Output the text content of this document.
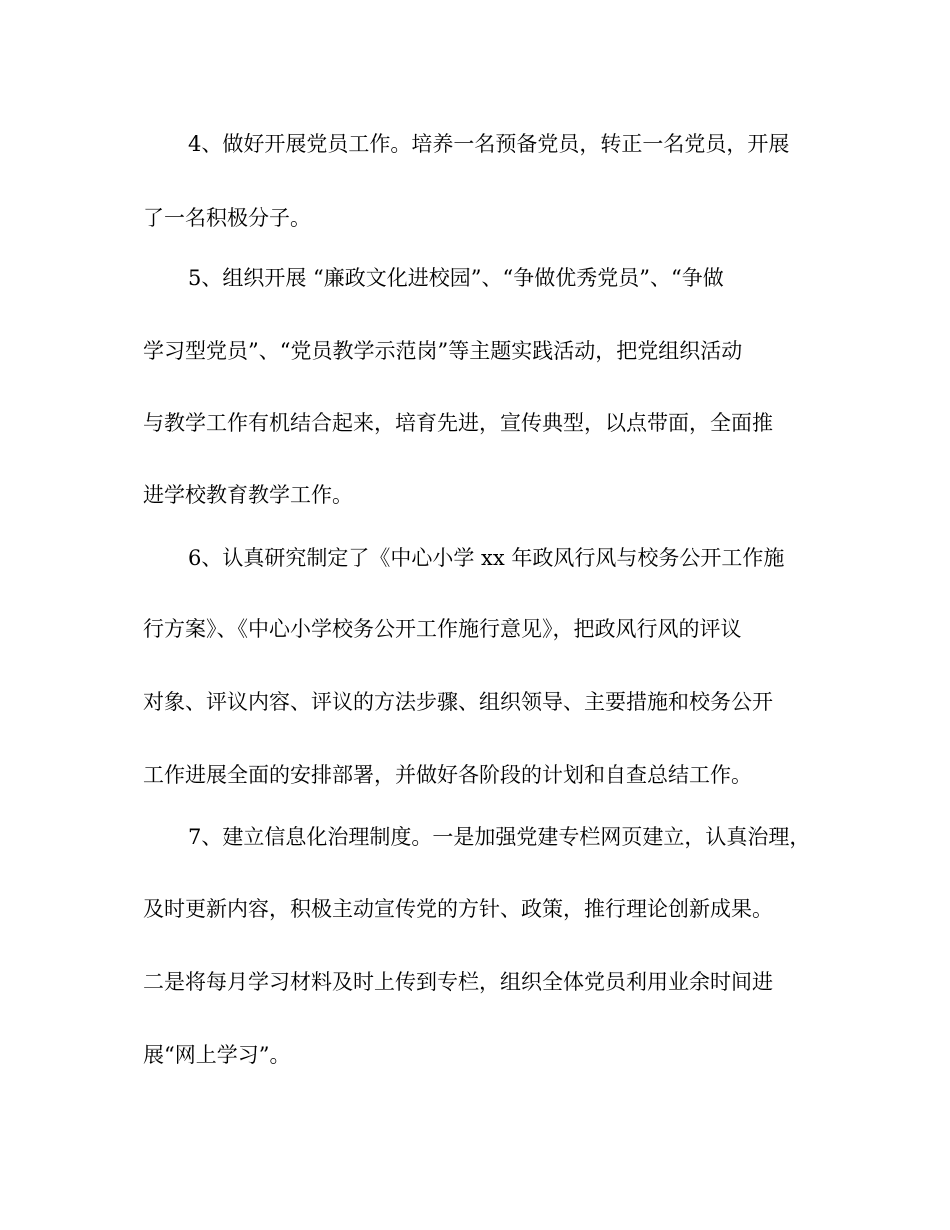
4、做好开展党员工作。培养一名预备党员，转正一名党员，开展
了一名积极分子。
5、组织开展 “廉政文化进校园”、“争做优秀党员”、“争做
学习型党员”、“党员教学示范岗”等主题实践活动，把党组织活动
与教学工作有机结合起来，培育先进，宣传典型，以点带面，全面推
进学校教育教学工作。
6、认真研究制定了《中心小学 xx 年政风行风与校务公开工作施
行方案》、《中心小学校务公开工作施行意见》，把政风行风的评议
对象、评议内容、评议的方法步骤、组织领导、主要措施和校务公开
工作进展全面的安排部署，并做好各阶段的计划和自查总结工作。
7、建立信息化治理制度。一是加强党建专栏网页建立，认真治理，
及时更新内容，积极主动宣传党的方针、政策，推行理论创新成果。
二是将每月学习材料及时上传到专栏，组织全体党员利用业余时间进
展“网上学习”。
